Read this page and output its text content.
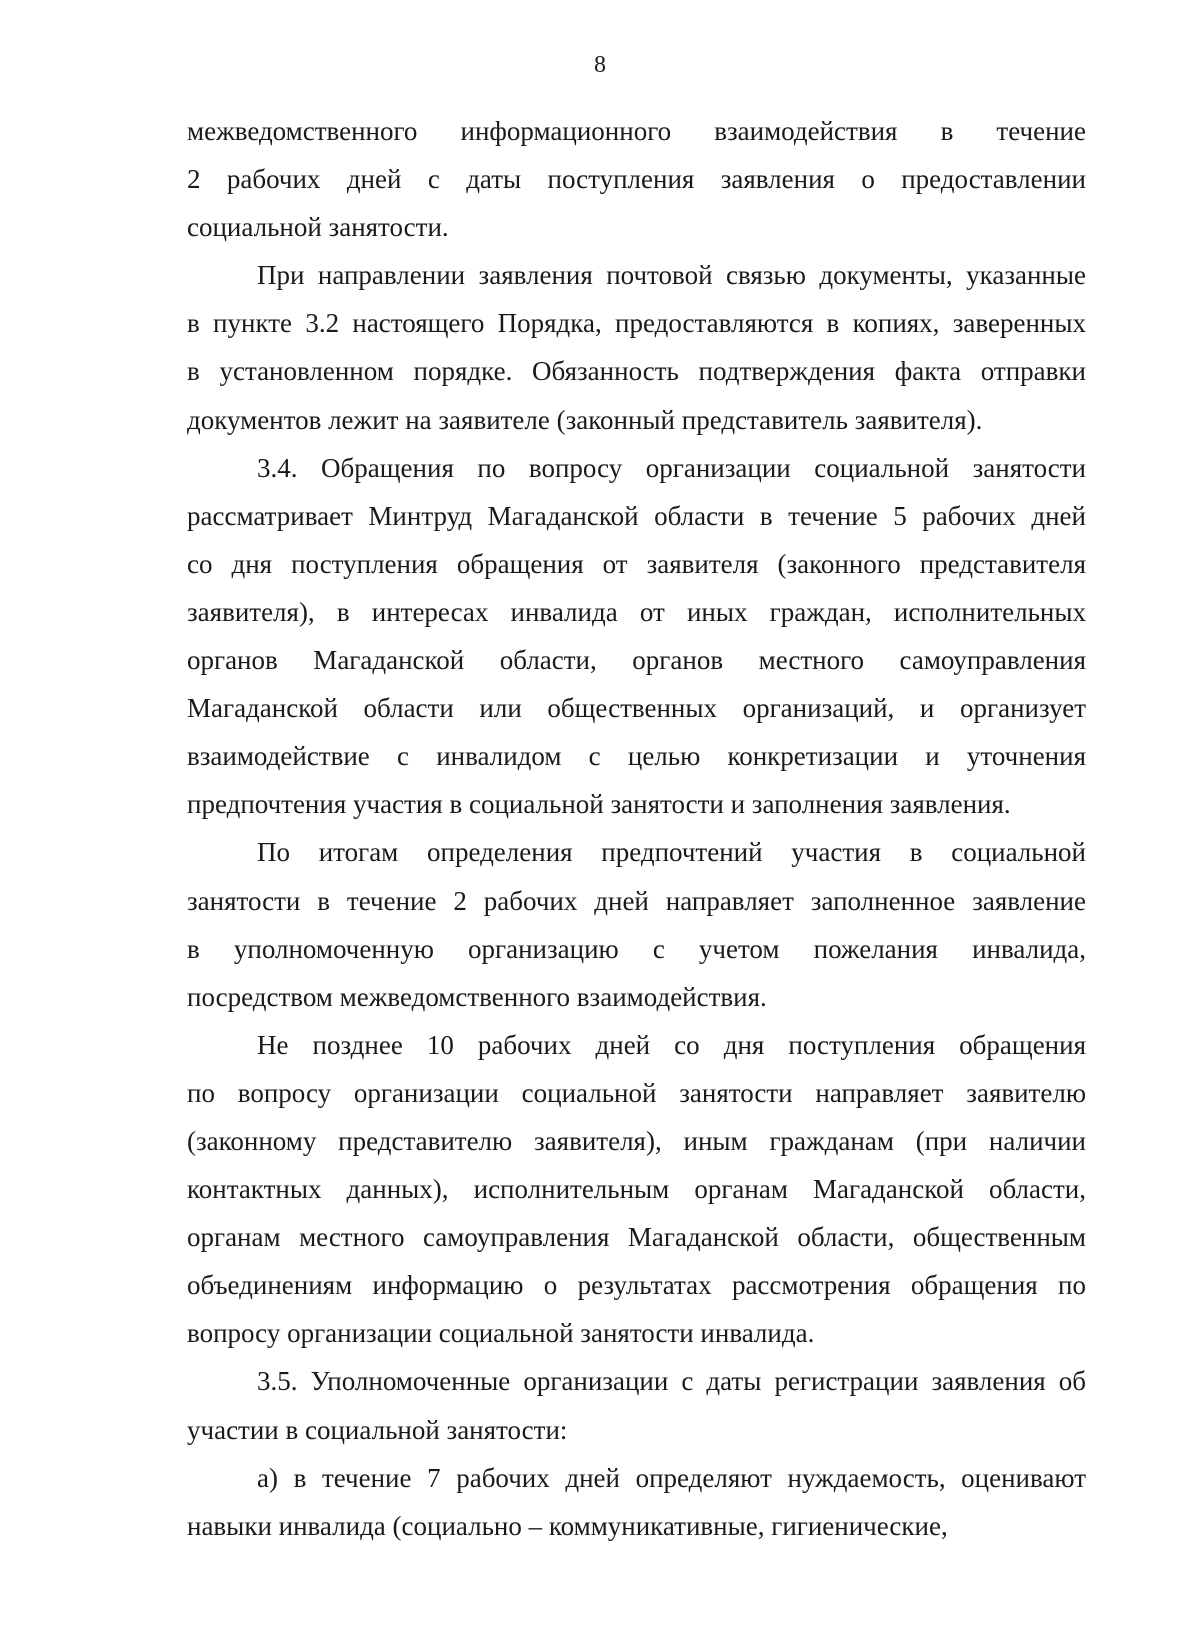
8
межведомственного информационного взаимодействия в течение
2 рабочих дней с даты поступления заявления о предоставлении
социальной занятости.
При направлении заявления почтовой связью документы, указанные
в пункте 3.2 настоящего Порядка, предоставляются в копиях, заверенных
в установленном порядке. Обязанность подтверждения факта отправки
документов лежит на заявителе (законный представитель заявителя).
3.4. Обращения по вопросу организации социальной занятости
рассматривает Минтруд Магаданской области в течение 5 рабочих дней
со дня поступления обращения от заявителя (законного представителя
заявителя), в интересах инвалида от иных граждан, исполнительных
органов Магаданской области, органов местного самоуправления
Магаданской области или общественных организаций, и организует
взаимодействие с инвалидом с целью конкретизации и уточнения
предпочтения участия в социальной занятости и заполнения заявления.
По итогам определения предпочтений участия в социальной
занятости в течение 2 рабочих дней направляет заполненное заявление
в уполномоченную организацию с учетом пожелания инвалида,
посредством межведомственного взаимодействия.
Не позднее 10 рабочих дней со дня поступления обращения
по вопросу организации социальной занятости направляет заявителю
(законному представителю заявителя), иным гражданам (при наличии
контактных данных), исполнительным органам Магаданской области,
органам местного самоуправления Магаданской области, общественным
объединениям информацию о результатах рассмотрения обращения по
вопросу организации социальной занятости инвалида.
3.5. Уполномоченные организации с даты регистрации заявления об
участии в социальной занятости:
а) в течение 7 рабочих дней определяют нуждаемость, оценивают
навыки инвалида (социально – коммуникативные, гигиенические,
